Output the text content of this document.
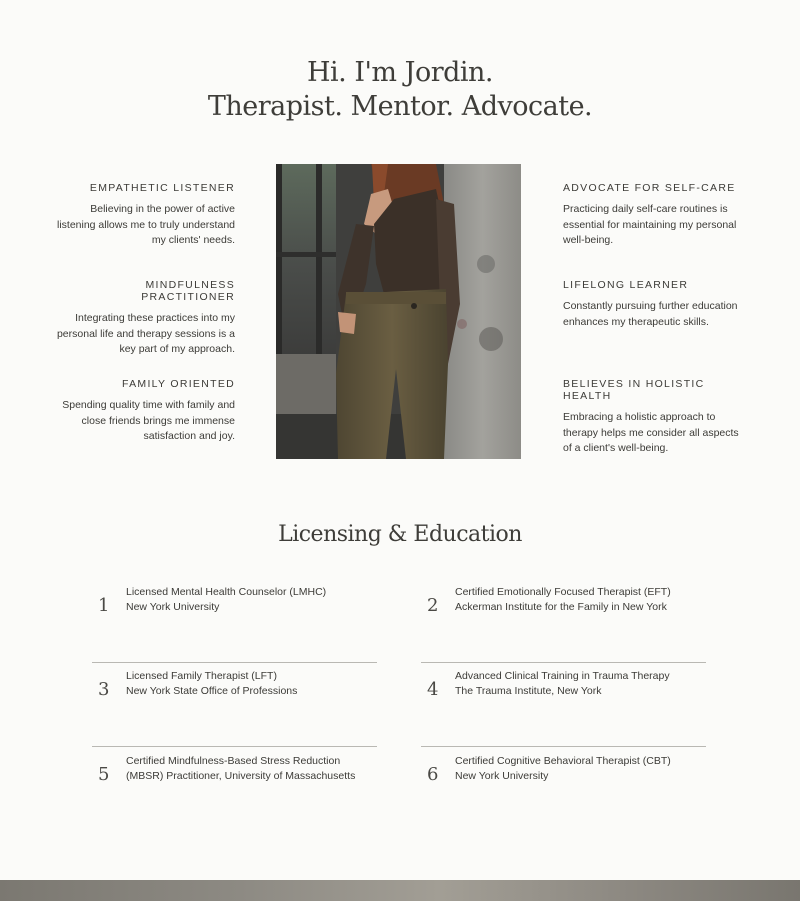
Hi. I'm Jordin.
Therapist. Mentor. Advocate.
EMPATHETIC LISTENER

Believing in the power of active listening allows me to truly understand my clients' needs.

MINDFULNESS PRACTITIONER

Integrating these practices into my personal life and therapy sessions is a key part of my approach.

FAMILY ORIENTED

Spending quality time with family and close friends brings me immense satisfaction and joy.

ADVOCATE FOR SELF-CARE

Practicing daily self-care routines is essential for maintaining my personal well-being.

LIFELONG LEARNER

Constantly pursuing further education enhances my therapeutic skills.

BELIEVES IN HOLISTIC HEALTH

Embracing a holistic approach to therapy helps me consider all aspects of a client's well-being.

Licensing & Education
1
Licensed Mental Health Counselor (LMHC)
New York University	2
Certified Emotionally Focused Therapist (EFT)
Ackerman Institute for the Family in New York
3
Licensed Family Therapist (LFT)
New York State Office of Professions	4
Advanced Clinical Training in Trauma Therapy
The Trauma Institute, New York
5
Certified Mindfulness-Based Stress Reduction
(MBSR) Practitioner, University of Massachusetts	6
Certified Cognitive Behavioral Therapist (CBT)
New York University
